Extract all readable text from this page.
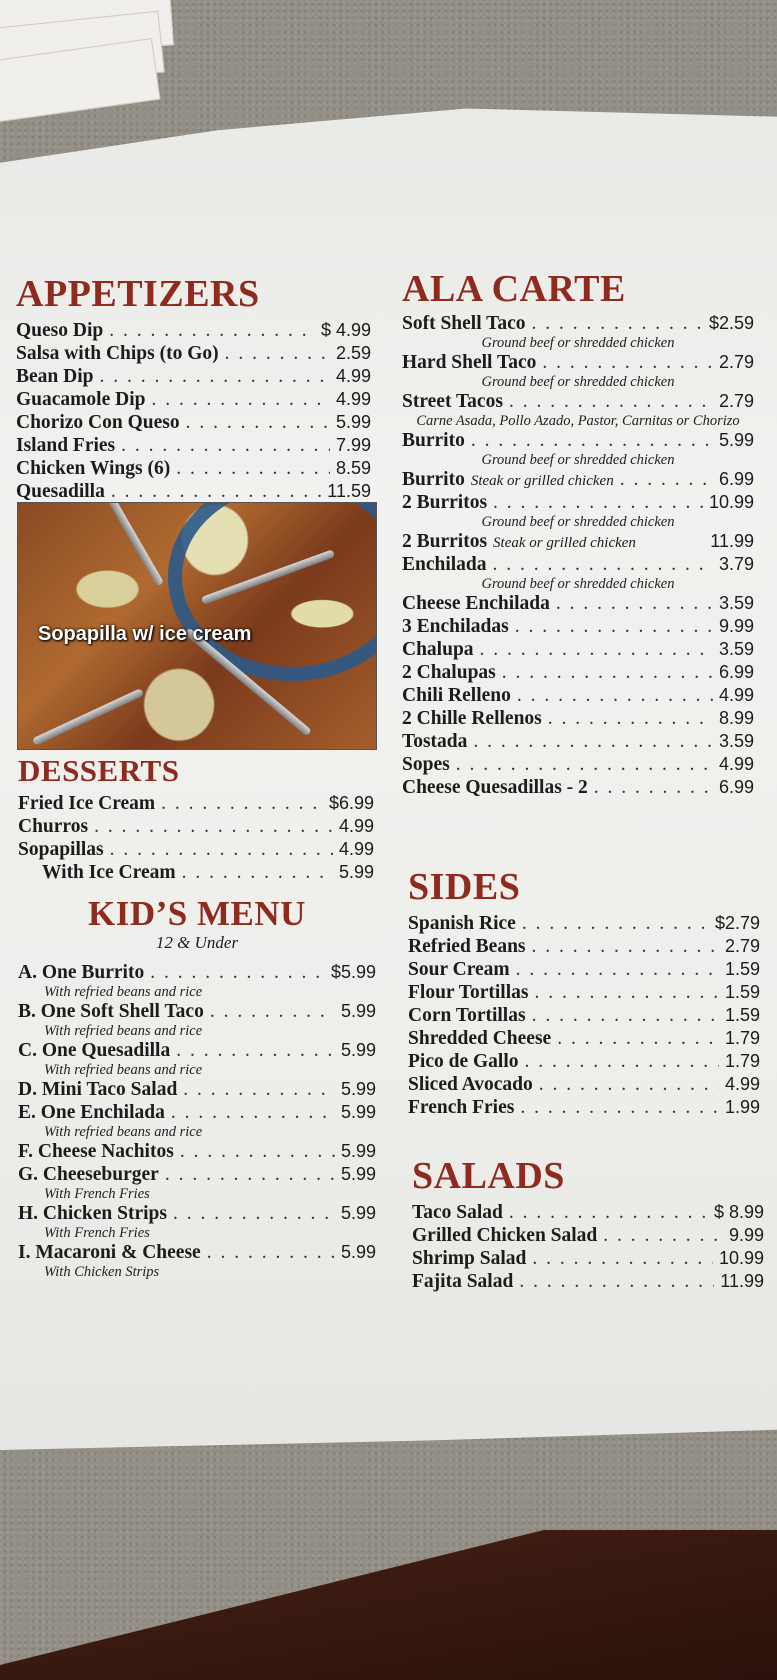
APPETIZERS
Queso Dip . . .	$ 4.99
Salsa with Chips (to Go) . . .	2.59
Bean Dip . . .	4.99
Guacamole Dip . . .	4.99
Chorizo Con Queso . . .	5.99
Island Fries . . .	7.99
Chicken Wings (6) . . .	8.59
Quesadilla . . .	11.59
Sopapilla w/ ice cream
DESSERTS
Fried Ice Cream . . .	$6.99
Churros . . .	4.99
Sopapillas . . .	4.99
With Ice Cream . . .	5.99
KID’S MENU
12 & Under
A. One Burrito . . .	$5.99
With refried beans and rice
B. One Soft Shell Taco . . .	5.99
With refried beans and rice
C. One Quesadilla . . .	5.99
With refried beans and rice
D. Mini Taco Salad . . .	5.99
E. One Enchilada . . .	5.99
With refried beans and rice
F. Cheese Nachitos . . .	5.99
G. Cheeseburger . . .	5.99
With French Fries
H. Chicken Strips . . .	5.99
With French Fries
I. Macaroni & Cheese . . .	5.99
With Chicken Strips
ALA CARTE
Soft Shell Taco . . .	$2.59
Ground beef or shredded chicken
Hard Shell Taco . . .	2.79
Ground beef or shredded chicken
Street Tacos . . .	2.79
Carne Asada, Pollo Azado, Pastor, Carnitas or Chorizo
Burrito . . .	5.99
Ground beef or shredded chicken
Burrito Steak or grilled chicken . . .	6.99
2 Burritos . . .	10.99
Ground beef or shredded chicken
2 Burritos Steak or grilled chicken	11.99
Enchilada . . .	3.79
Ground beef or shredded chicken
Cheese Enchilada . . .	3.59
3 Enchiladas . . .	9.99
Chalupa . . .	3.59
2 Chalupas . . .	6.99
Chili Relleno . . .	4.99
2 Chille Rellenos . . .	8.99
Tostada . . .	3.59
Sopes . . .	4.99
Cheese Quesadillas - 2 . . .	6.99
SIDES
Spanish Rice . . .	$2.79
Refried Beans . . .	2.79
Sour Cream . . .	1.59
Flour Tortillas . . .	1.59
Corn Tortillas . . .	1.59
Shredded Cheese . . .	1.79
Pico de Gallo . . .	1.79
Sliced Avocado . . .	4.99
French Fries . . .	1.99
SALADS
Taco Salad . . .	$ 8.99
Grilled Chicken Salad . . .	9.99
Shrimp Salad . . .	10.99
Fajita Salad . . .	11.99
